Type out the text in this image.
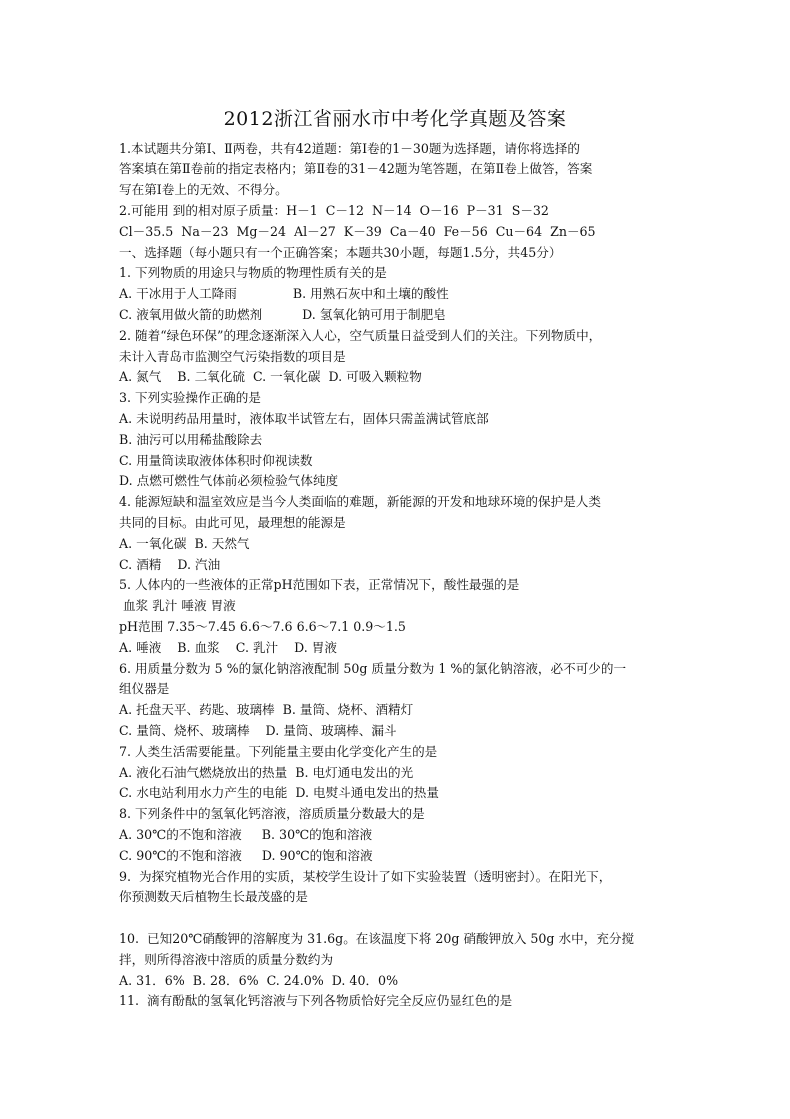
2012浙江省丽水市中考化学真题及答案
1.本试题共分第Ⅰ、Ⅱ两卷，共有42道题：第Ⅰ卷的1－30题为选择题，请你将选择的
答案填在第Ⅱ卷前的指定表格内；第Ⅱ卷的31－42题为笔答题，在第Ⅱ卷上做答，答案
写在第Ⅰ卷上的无效、不得分。
2.可能用 到的相对原子质量：H－1  C－12  N－14  O－16  P－31  S－32
Cl－35.5  Na－23  Mg－24  Al－27  K－39  Ca－40  Fe－56  Cu－64  Zn－65
一、选择题（每小题只有一个正确答案；本题共30小题，每题1.5分，共45分）
1. 下列物质的用途只与物质的物理性质有关的是
A. 干冰用于人工降雨              B. 用熟石灰中和土壤的酸性
C. 液氧用做火箭的助燃剂          D. 氢氧化钠可用于制肥皂
2. 随着“绿色环保”的理念逐渐深入人心，空气质量日益受到人们的关注。下列物质中，
未计入青岛市监测空气污染指数的项目是
A. 氮气    B. 二氧化硫  C. 一氧化碳  D. 可吸入颗粒物
3. 下列实验操作正确的是
A. 未说明药品用量时，液体取半试管左右，固体只需盖满试管底部
B. 油污可以用稀盐酸除去
C. 用量筒读取液体体积时仰视读数
D. 点燃可燃性气体前必须检验气体纯度
4. 能源短缺和温室效应是当今人类面临的难题，新能源的开发和地球环境的保护是人类
共同的目标。由此可见，最理想的能源是
A. 一氧化碳  B. 天然气
C. 酒精    D. 汽油
5. 人体内的一些液体的正常pH范围如下表，正常情况下，酸性最强的是
血浆 乳汁 唾液 胃液
pH范围 7.35～7.45 6.6～7.6 6.6～7.1 0.9～1.5
A. 唾液    B. 血浆    C. 乳汁    D. 胃液
6. 用质量分数为 5 %的氯化钠溶液配制 50g 质量分数为 1 %的氯化钠溶液，必不可少的一
组仪器是
A. 托盘天平、药匙、玻璃棒  B. 量筒、烧杯、酒精灯
C. 量筒、烧杯、玻璃棒    D. 量筒、玻璃棒、漏斗
7. 人类生活需要能量。下列能量主要由化学变化产生的是
A. 液化石油气燃烧放出的热量  B. 电灯通电发出的光
C. 水电站利用水力产生的电能  D. 电熨斗通电发出的热量
8. 下列条件中的氢氧化钙溶液，溶质质量分数最大的是
A. 30℃的不饱和溶液     B. 30℃的饱和溶液
C. 90℃的不饱和溶液     D. 90℃的饱和溶液
9.  为探究植物光合作用的实质，某校学生设计了如下实验装置（透明密封）。在阳光下，
你预测数天后植物生长最茂盛的是
10.  已知20℃硝酸钾的溶解度为 31.6g。在该温度下将 20g 硝酸钾放入 50g 水中，充分搅
拌，则所得溶液中溶质的质量分数约为
A. 31．6%  B. 28．6%  C. 24.0%  D. 40．0%
11.  滴有酚酞的氢氧化钙溶液与下列各物质恰好完全反应仍显红色的是
